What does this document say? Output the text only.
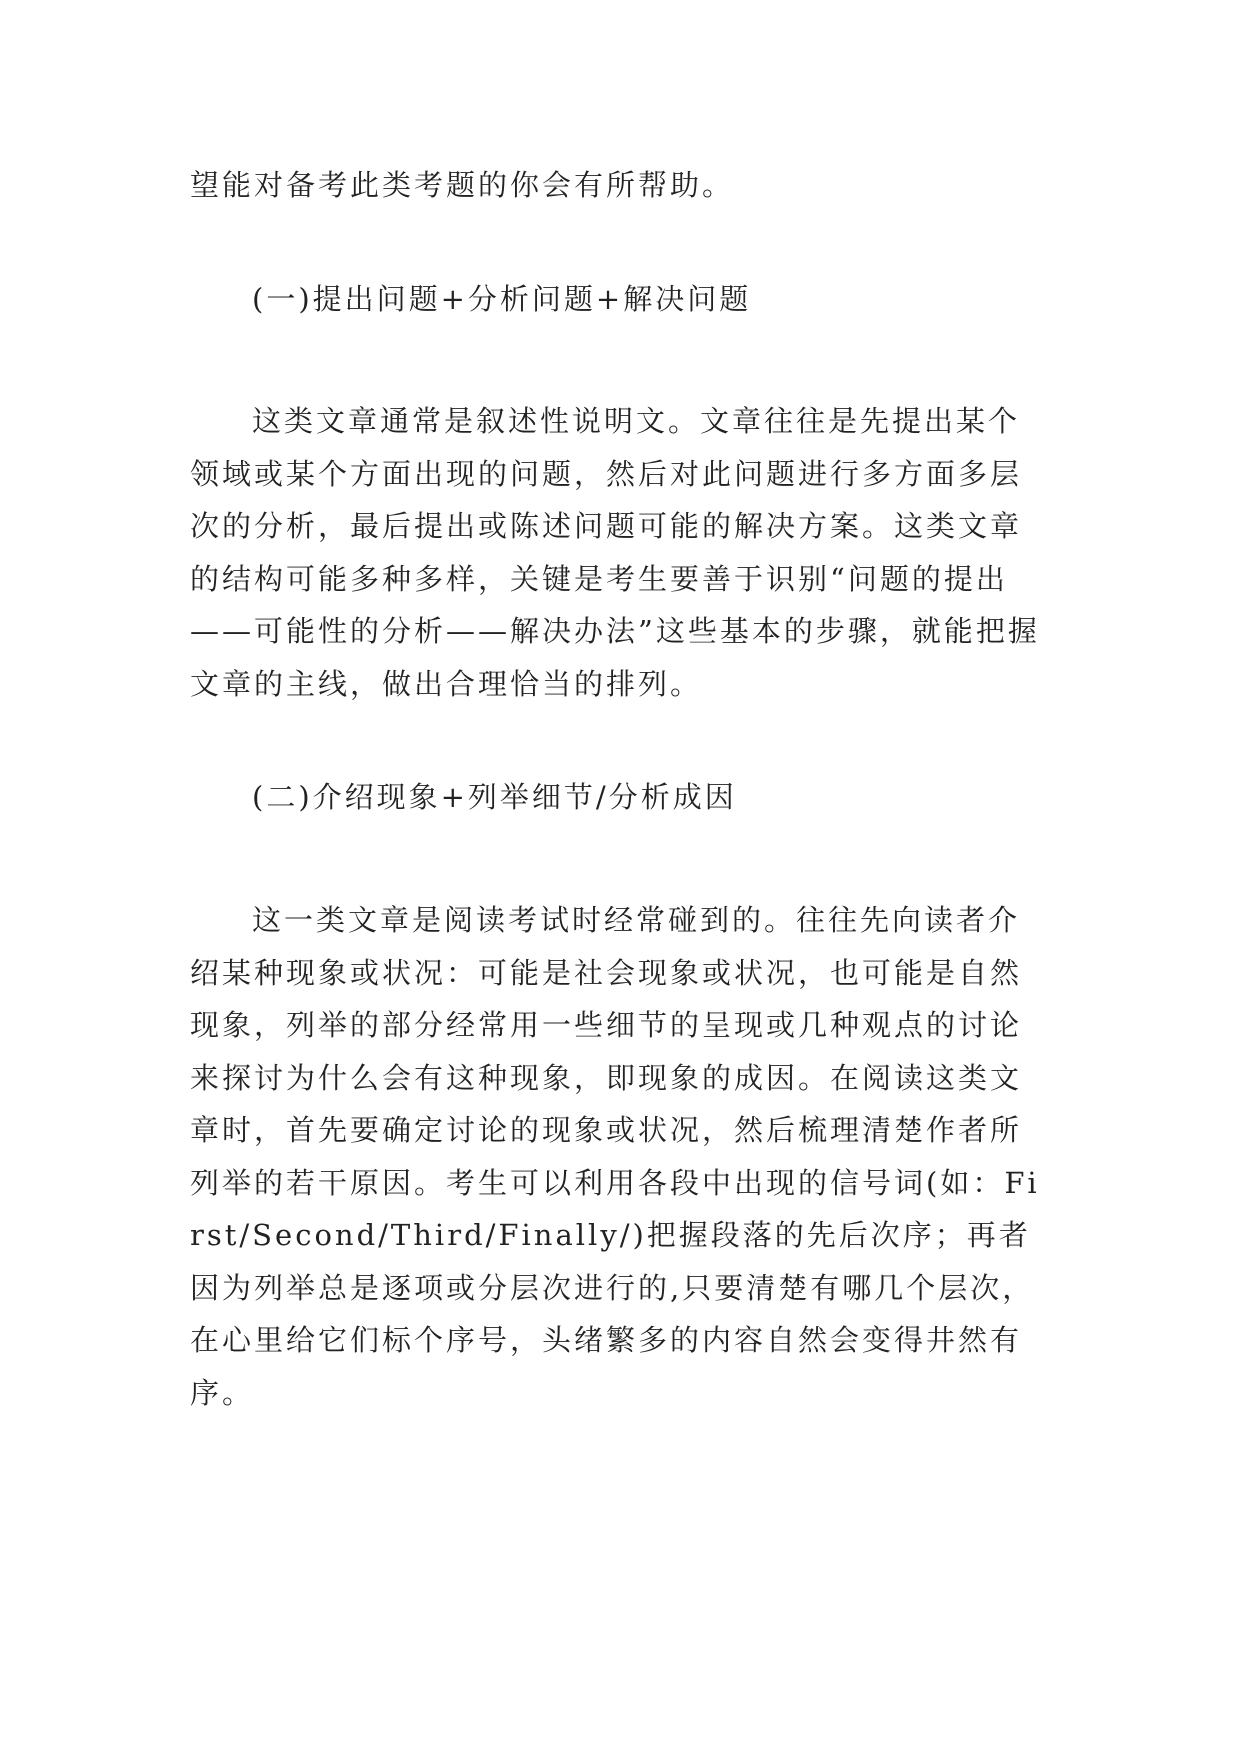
望能对备考此类考题的你会有所帮助。

(一)提出问题+分析问题+解决问题

这类文章通常是叙述性说明文。文章往往是先提出某个领域或某个方面出现的问题，然后对此问题进行多方面多层次的分析，最后提出或陈述问题可能的解决方案。这类文章的结构可能多种多样，关键是考生要善于识别“问题的提出——可能性的分析——解决办法”这些基本的步骤，就能把握文章的主线，做出合理恰当的排列。

(二)介绍现象+列举细节/分析成因

这一类文章是阅读考试时经常碰到的。往往先向读者介绍某种现象或状况：可能是社会现象或状况，也可能是自然现象，列举的部分经常用一些细节的呈现或几种观点的讨论来探讨为什么会有这种现象，即现象的成因。在阅读这类文章时，首先要确定讨论的现象或状况，然后梳理清楚作者所列举的若干原因。考生可以利用各段中出现的信号词(如：First/Second/Third/Finally/)把握段落的先后次序；再者因为列举总是逐项或分层次进行的,只要清楚有哪几个层次，在心里给它们标个序号，头绪繁多的内容自然会变得井然有序。
